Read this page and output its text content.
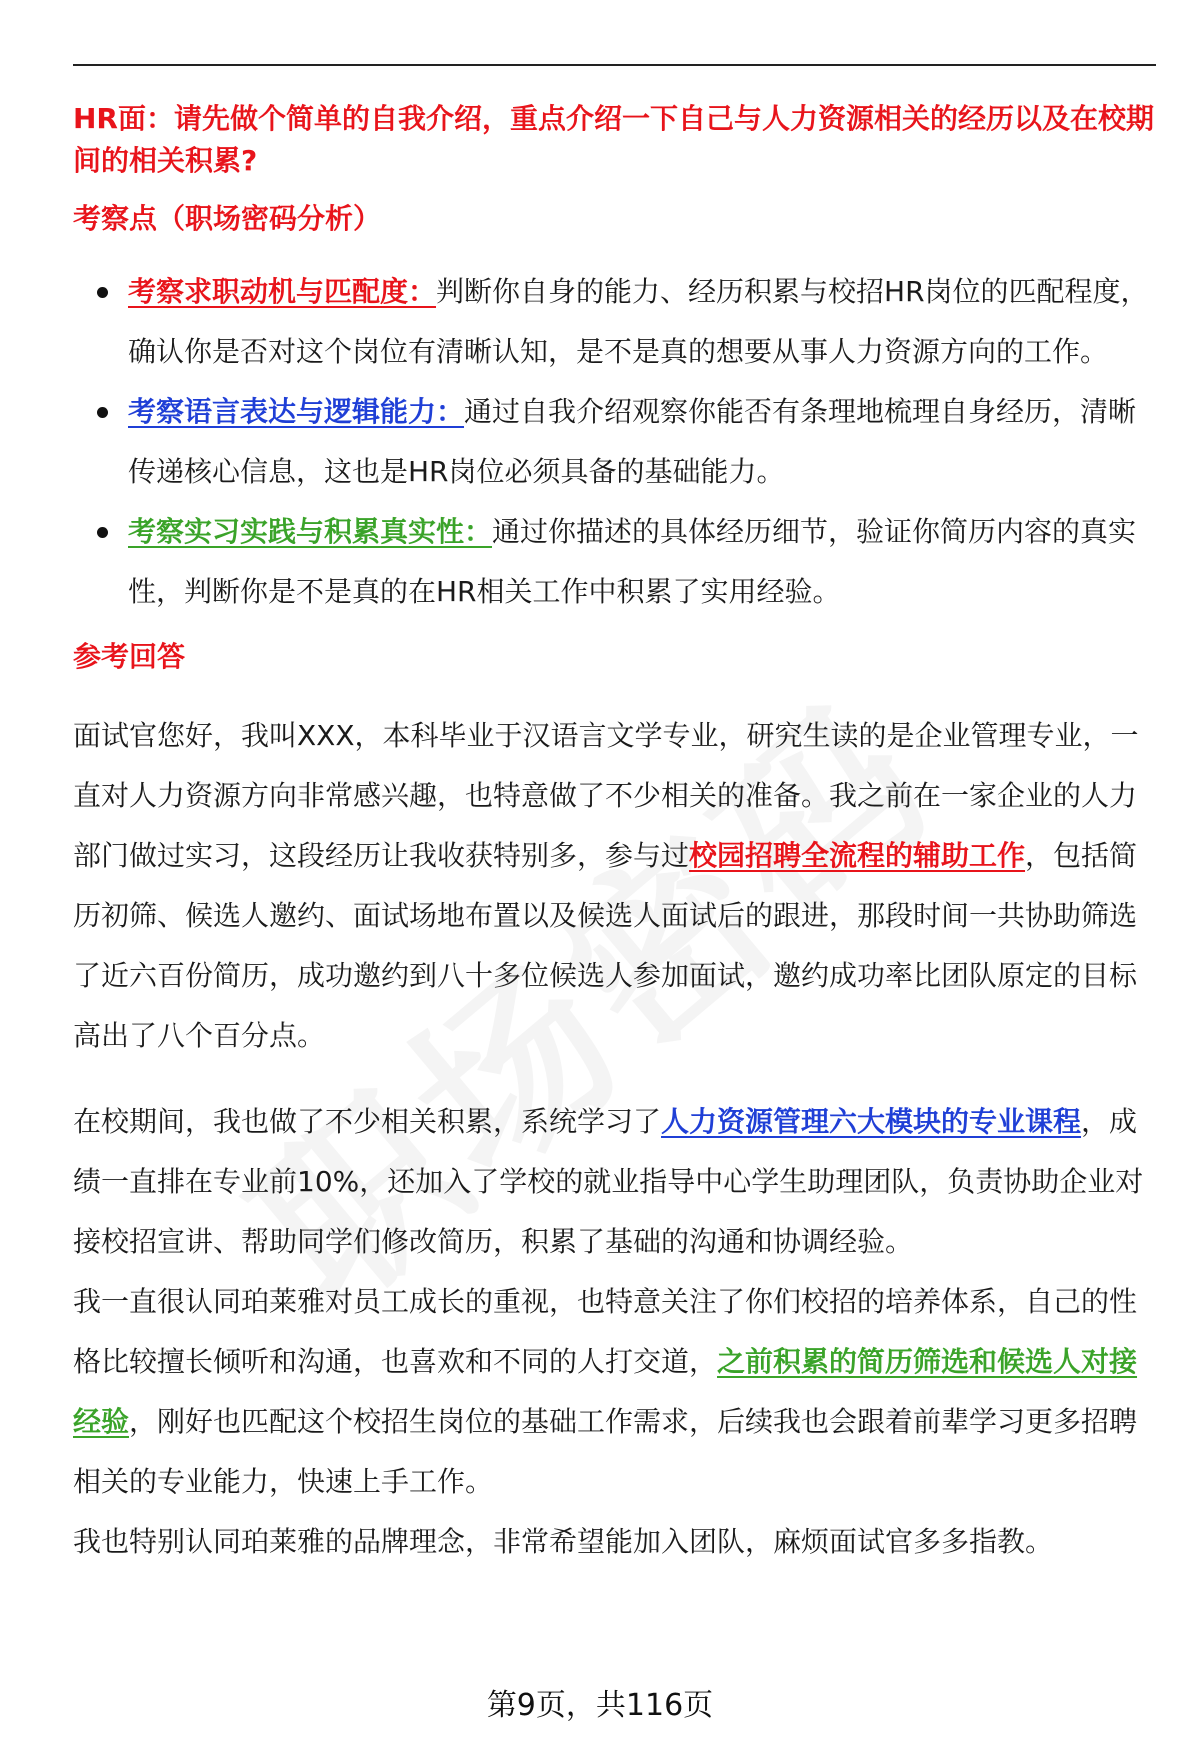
HR面：请先做个简单的自我介绍，重点介绍一下自己与人力资源相关的经历以及在校期间的相关积累?

考察点（职场密码分析）

考察求职动机与匹配度：判断你自身的能力、经历积累与校招HR岗位的匹配程度，确认你是否对这个岗位有清晰认知，是不是真的想要从事人力资源方向的工作。
考察语言表达与逻辑能力：通过自我介绍观察你能否有条理地梳理自身经历，清晰传递核心信息，这也是HR岗位必须具备的基础能力。
考察实习实践与积累真实性：通过你描述的具体经历细节，验证你简历内容的真实性，判断你是不是真的在HR相关工作中积累了实用经验。

参考回答

面试官您好，我叫XXX，本科毕业于汉语言文学专业，研究生读的是企业管理专业，一直对人力资源方向非常感兴趣，也特意做了不少相关的准备。我之前在一家企业的人力部门做过实习，这段经历让我收获特别多，参与过校园招聘全流程的辅助工作，包括简历初筛、候选人邀约、面试场地布置以及候选人面试后的跟进，那段时间一共协助筛选了近六百份简历，成功邀约到八十多位候选人参加面试，邀约成功率比团队原定的目标高出了八个百分点。

在校期间，我也做了不少相关积累，系统学习了人力资源管理六大模块的专业课程，成绩一直排在专业前10%，还加入了学校的就业指导中心学生助理团队，负责协助企业对接校招宣讲、帮助同学们修改简历，积累了基础的沟通和协调经验。

我一直很认同珀莱雅对员工成长的重视，也特意关注了你们校招的培养体系，自己的性格比较擅长倾听和沟通，也喜欢和不同的人打交道，之前积累的简历筛选和候选人对接经验，刚好也匹配这个校招生岗位的基础工作需求，后续我也会跟着前辈学习更多招聘相关的专业能力，快速上手工作。

我也特别认同珀莱雅的品牌理念，非常希望能加入团队，麻烦面试官多多指教。

第9页，共116页
